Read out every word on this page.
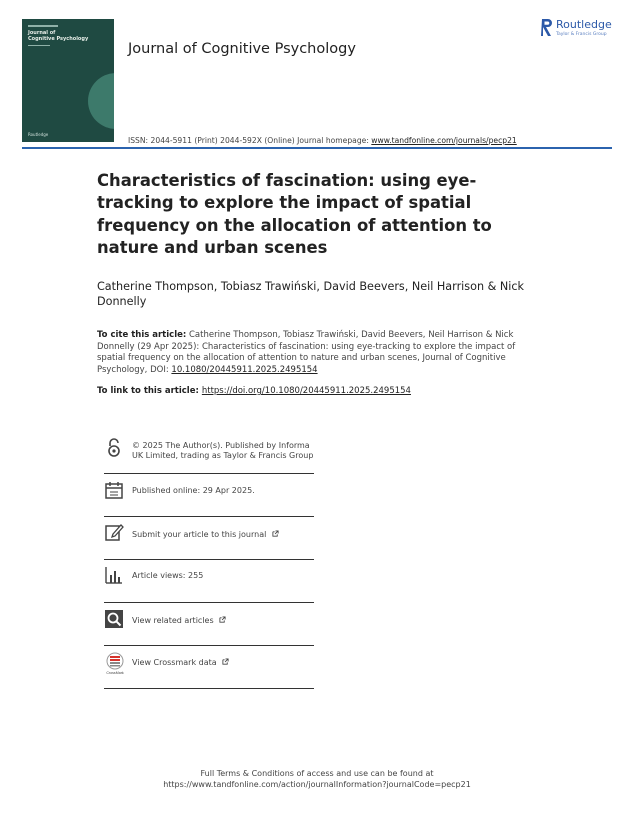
Journal of
Cognitive Psychology
Routledge
Journal of Cognitive Psychology
Routledge
Taylor & Francis Group
ISSN: 2044-5911 (Print) 2044-592X (Online) Journal homepage: www.tandfonline.com/journals/pecp21
Characteristics of fascination: using eye-tracking to explore the impact of spatial frequency on the allocation of attention to nature and urban scenes
Catherine Thompson, Tobiasz Trawiński, David Beevers, Neil Harrison & Nick Donnelly
To cite this article: Catherine Thompson, Tobiasz Trawiński, David Beevers, Neil Harrison & Nick Donnelly (29 Apr 2025): Characteristics of fascination: using eye-tracking to explore the impact of spatial frequency on the allocation of attention to nature and urban scenes, Journal of Cognitive Psychology, DOI: 10.1080/20445911.2025.2495154
To link to this article: https://doi.org/10.1080/20445911.2025.2495154
© 2025 The Author(s). Published by Informa UK Limited, trading as Taylor & Francis Group
Published online: 29 Apr 2025.
Submit your article to this journal
Article views: 255
View related articles
CrossMark
View Crossmark data
Full Terms & Conditions of access and use can be found at
https://www.tandfonline.com/action/journalInformation?journalCode=pecp21
